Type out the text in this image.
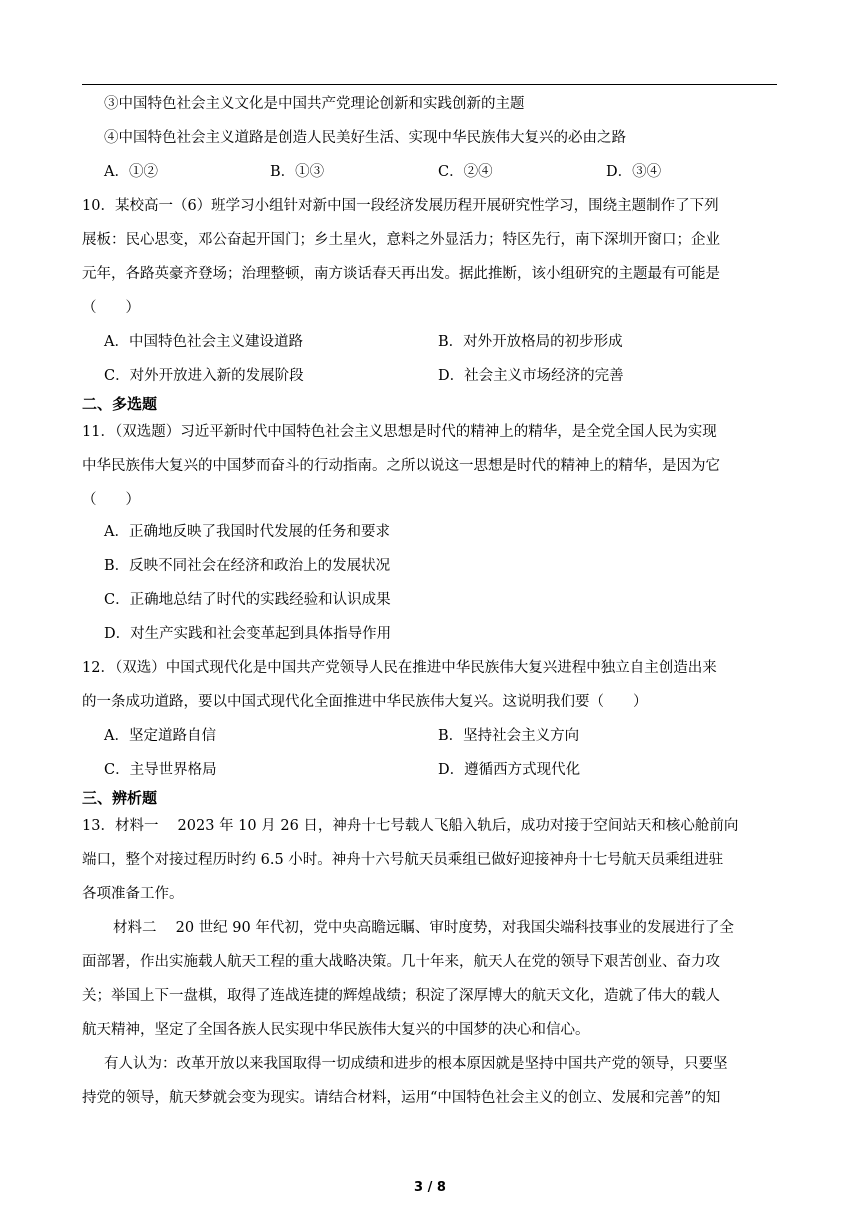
③中国特色社会主义文化是中国共产党理论创新和实践创新的主题
④中国特色社会主义道路是创造人民美好生活、实现中华民族伟大复兴的必由之路
A．①②	B．①③	C．②④	D．③④
10．某校高一（6）班学习小组针对新中国一段经济发展历程开展研究性学习，围绕主题制作了下列
展板：民心思变，邓公奋起开国门；乡土星火，意料之外显活力；特区先行，南下深圳开窗口；企业
元年，各路英豪齐登场；治理整顿，南方谈话春天再出发。据此推断，该小组研究的主题最有可能是
（　　）
A．中国特色社会主义建设道路	B．对外开放格局的初步形成
C．对外开放进入新的发展阶段	D．社会主义市场经济的完善
二、多选题
11．（双选题）习近平新时代中国特色社会主义思想是时代的精神上的精华，是全党全国人民为实现
中华民族伟大复兴的中国梦而奋斗的行动指南。之所以说这一思想是时代的精神上的精华，是因为它
（　　）
A．正确地反映了我国时代发展的任务和要求
B．反映不同社会在经济和政治上的发展状况
C．正确地总结了时代的实践经验和认识成果
D．对生产实践和社会变革起到具体指导作用
12．（双选）中国式现代化是中国共产党领导人民在推进中华民族伟大复兴进程中独立自主创造出来
的一条成功道路，要以中国式现代化全面推进中华民族伟大复兴。这说明我们要（　　）
A．坚定道路自信	B．坚持社会主义方向
C．主导世界格局	D．遵循西方式现代化
三、辨析题
13．材料一　 2023 年 10 月 26 日，神舟十七号载人飞船入轨后，成功对接于空间站天和核心舱前向
端口，整个对接过程历时约 6.5 小时。神舟十六号航天员乘组已做好迎接神舟十七号航天员乘组进驻
各项准备工作。
材料二　 20 世纪 90 年代初，党中央高瞻远瞩、审时度势，对我国尖端科技事业的发展进行了全
面部署，作出实施载人航天工程的重大战略决策。几十年来，航天人在党的领导下艰苦创业、奋力攻
关；举国上下一盘棋，取得了连战连捷的辉煌战绩；积淀了深厚博大的航天文化，造就了伟大的载人
航天精神，坚定了全国各族人民实现中华民族伟大复兴的中国梦的决心和信心。
有人认为：改革开放以来我国取得一切成绩和进步的根本原因就是坚持中国共产党的领导，只要坚
持党的领导，航天梦就会变为现实。请结合材料，运用“中国特色社会主义的创立、发展和完善”的知
3 / 8
